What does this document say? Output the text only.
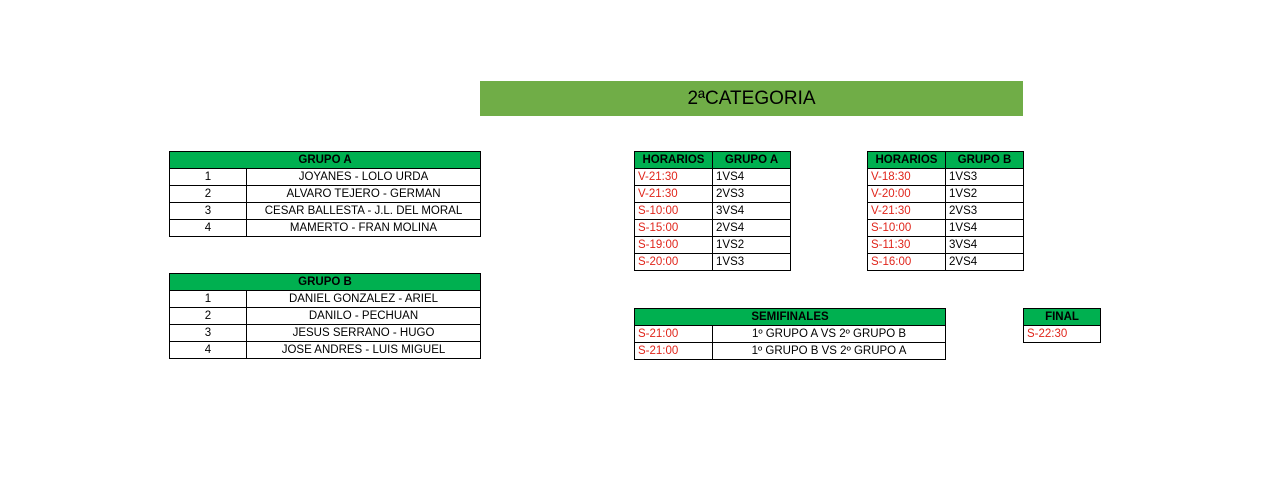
2ªCATEGORIA
GRUPO A	
1	JOYANES - LOLO URDA
2	ALVARO TEJERO - GERMAN
3	CESAR BALLESTA - J.L. DEL MORAL
4	MAMERTO - FRAN MOLINA
GRUPO B	
1	DANIEL GONZALEZ - ARIEL
2	DANILO - PECHUAN
3	JESUS SERRANO - HUGO
4	JOSE ANDRES - LUIS MIGUEL
HORARIOS	GRUPO A
V-21:30	1VS4
V-21:30	2VS3
S-10:00	3VS4
S-15:00	2VS4
S-19:00	1VS2
S-20:00	1VS3
HORARIOS	GRUPO B
V-18:30	1VS3
V-20:00	1VS2
V-21:30	2VS3
S-10:00	1VS4
S-11:30	3VS4
S-16:00	2VS4
SEMIFINALES	
S-21:00	1º GRUPO A VS 2º GRUPO B
S-21:00	1º GRUPO B VS 2º GRUPO A
FINAL
S-22:30
